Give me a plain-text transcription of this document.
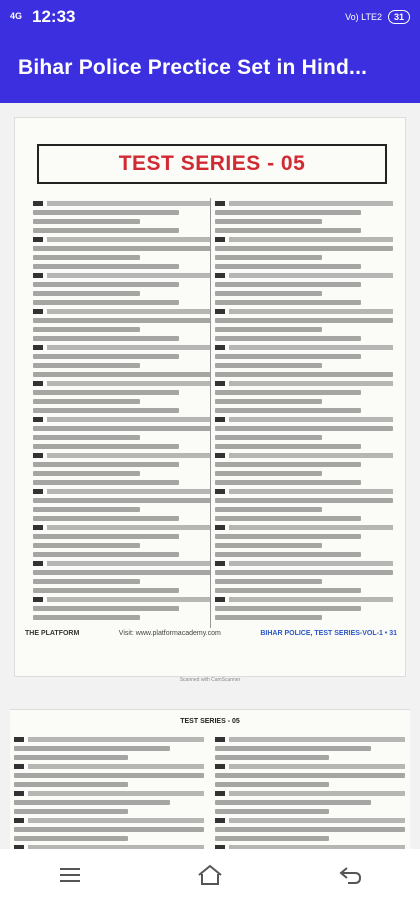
4G 12:33	Vo) LTE2	31
Bihar Police Prectice Set in Hind...
TEST SERIES - 05
THE PLATFORM	Visit: www.platformacademy.com	BIHAR POLICE, TEST SERIES-VOL-1 • 31
Scanned with CamScanner
TEST SERIES - 05
